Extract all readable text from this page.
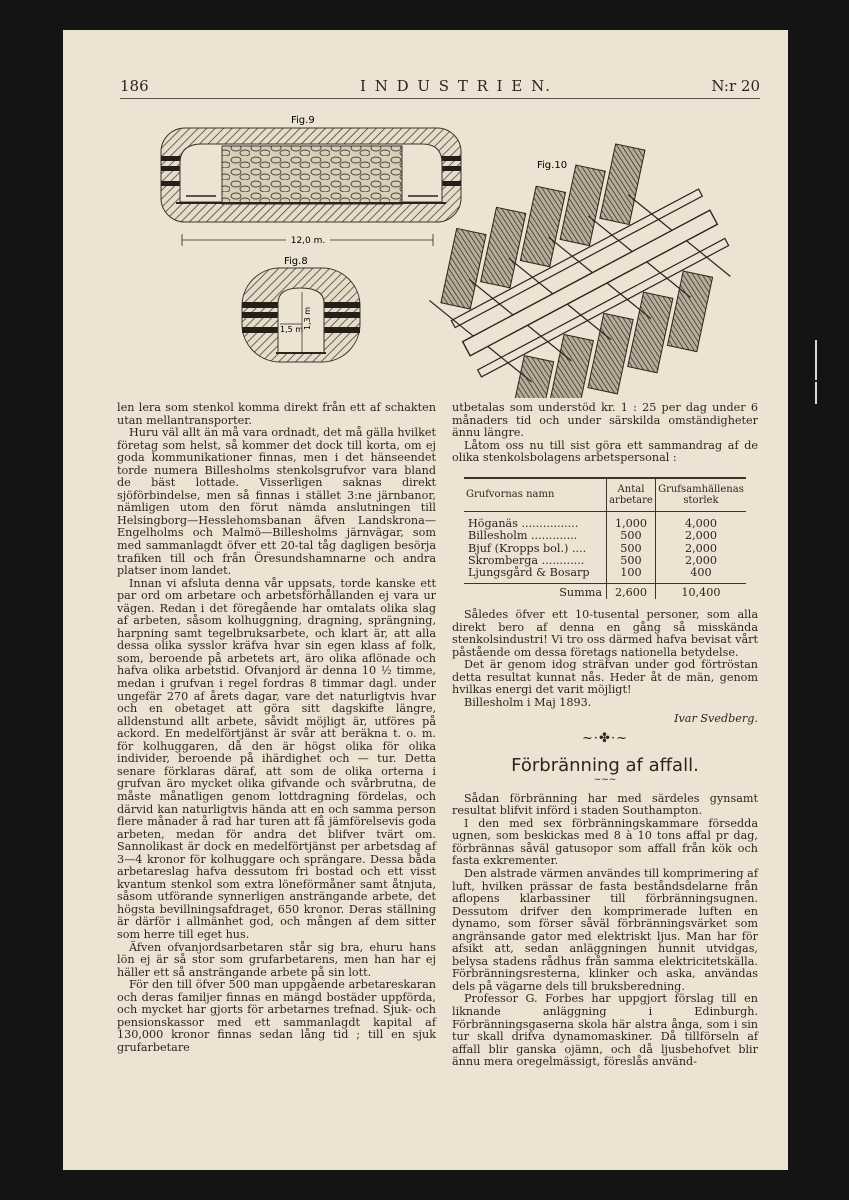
186	I N D U S T R I E N.	N:r 20
Fig.9
12,0 m.
Fig.8
1,5 m 1,3 m
Fig.10

len lera som stenkol komma direkt från ett af schakten utan mellantransporter.

Huru väl allt än må vara ordnadt, det må gälla hvilket företag som helst, så kommer det dock till korta, om ej goda kommunikationer finnas, men i det hänseendet torde numera Billesholms stenkolsgrufvor vara bland de bäst lottade. Visserligen saknas direkt sjöförbindelse, men så finnas i stället 3:ne järnbanor, nämligen utom den förut nämda anslutningen till Helsingborg—Hesslehomsbanan äfven Landskrona—Engelholms och Malmö—Billesholms järnvägar, som med sammanlagdt öfver ett 20-tal tåg dagligen besörja trafiken till och från Öresundshamnarne och andra platser inom landet.

Innan vi afsluta denna vår uppsats, torde kanske ett par ord om arbetare och arbetsförhållanden ej vara ur vägen. Redan i det föregående har omtalats olika slag af arbeten, såsom kolhuggning, dragning, sprängning, harpning samt tegelbruksarbete, och klart är, att alla dessa olika sysslor kräfva hvar sin egen klass af folk, som, beroende på arbetets art, äro olika aflönade och hafva olika arbetstid. Ofvanjord är denna 10 ½ timme, medan i grufvan i regel fordras 8 timmar dagl. under ungefär 270 af årets dagar, vare det naturligtvis hvar och en obetaget att göra sitt dagskifte längre, alldenstund allt arbete, såvidt möjligt är, utföres på ackord. En medelförtjänst är svår att beräkna t. o. m. för kolhuggaren, då den är högst olika för olika individer, beroende på ihärdighet och — tur. Detta senare förklaras däraf, att som de olika orterna i grufvan äro mycket olika gifvande och svårbrutna, de måste månatligen genom lottdragning fördelas, och därvid kan naturligtvis hända att en och samma person flere månader å rad har turen att få jämförelsevis goda arbeten, medan för andra det blifver tvärt om. Sannolikast är dock en medelförtjänst per arbetsdag af 3—4 kronor för kolhuggare och sprängare. Dessa båda arbetareslag hafva dessutom fri bostad och ett visst kvantum stenkol som extra löneförmåner samt åtnjuta, såsom utförande synnerligen ansträngande arbete, det högsta bevillningsafdraget, 650 kronor. Deras ställning är därför i allmänhet god, och mången af dem sitter som herre till eget hus.

Äfven ofvanjordsarbetaren står sig bra, ehuru hans lön ej är så stor som grufarbetarens, men han har ej häller ett så ansträngande arbete på sin lott.

För den till öfver 500 man uppgående arbetareskaran och deras familjer finnas en mängd bostäder uppförda, och mycket har gjorts för arbetarnes trefnad. Sjuk- och pensionskassor med ett sammanlagdt kapital af 130,000 kronor finnas sedan lång tid ; till en sjuk grufarbetare

utbetalas som understöd kr. 1 : 25 per dag under 6 månaders tid och under särskilda omständigheter ännu längre.

Låtom oss nu till sist göra ett sammandrag af de olika stenkolsbolagens arbetspersonal :

Grufvornas namn	Antal arbetare	Grufsamhällenas storlek
Höganäs ................	1,000	4,000
Billesholm .............	500	2,000
Bjuf (Kropps bol.) ....	500	2,000
Skromberga ............	500	2,000
Ljungsgård & Bosarp	100	400
Summa	2,600	10,400

Således öfver ett 10-tusental personer, som alla direkt bero af denna en gång så misskända stenkolsindustri! Vi tro oss därmed hafva bevisat vårt påstående om dessa företags nationella betydelse.

Det är genom idog sträfvan under god förtröstan detta resultat kunnat nås. Heder åt de män, genom hvilkas energi det varit möjligt!

Billesholm i Maj 1893.

Ivar Svedberg.
~·✤·~
Förbränning af affall.
~~~

Sådan förbränning har med särdeles gynsamt resultat blifvit införd i staden Southampton.

I den med sex förbränningskammare försedda ugnen, som beskickas med 8 à 10 tons affal pr dag, förbrännas såväl gatusopor som affall från kök och fasta exkrementer.

Den alstrade värmen användes till komprimering af luft, hvilken prässar de fasta beståndsdelarne från aflopens klarbassiner till förbränningsugnen. Dessutom drifver den komprimerade luften en dynamo, som förser såväl förbränningsvärket som angränsande gator med elektriskt ljus. Man har för afsikt att, sedan anläggningen hunnit utvidgas, belysa stadens rådhus från samma elektricitetskälla. Förbränningsresterna, klinker och aska, användas dels på vägarne dels till bruksberedning.

Professor G. Forbes har uppgjort förslag till en liknande anläggning i Edinburgh. Förbränningsgaserna skola här alstra ånga, som i sin tur skall drifva dynamomaskiner. Då tillförseln af affall blir ganska ojämn, och då ljusbehofvet blir ännu mera oregelmässigt, föreslås använd-
